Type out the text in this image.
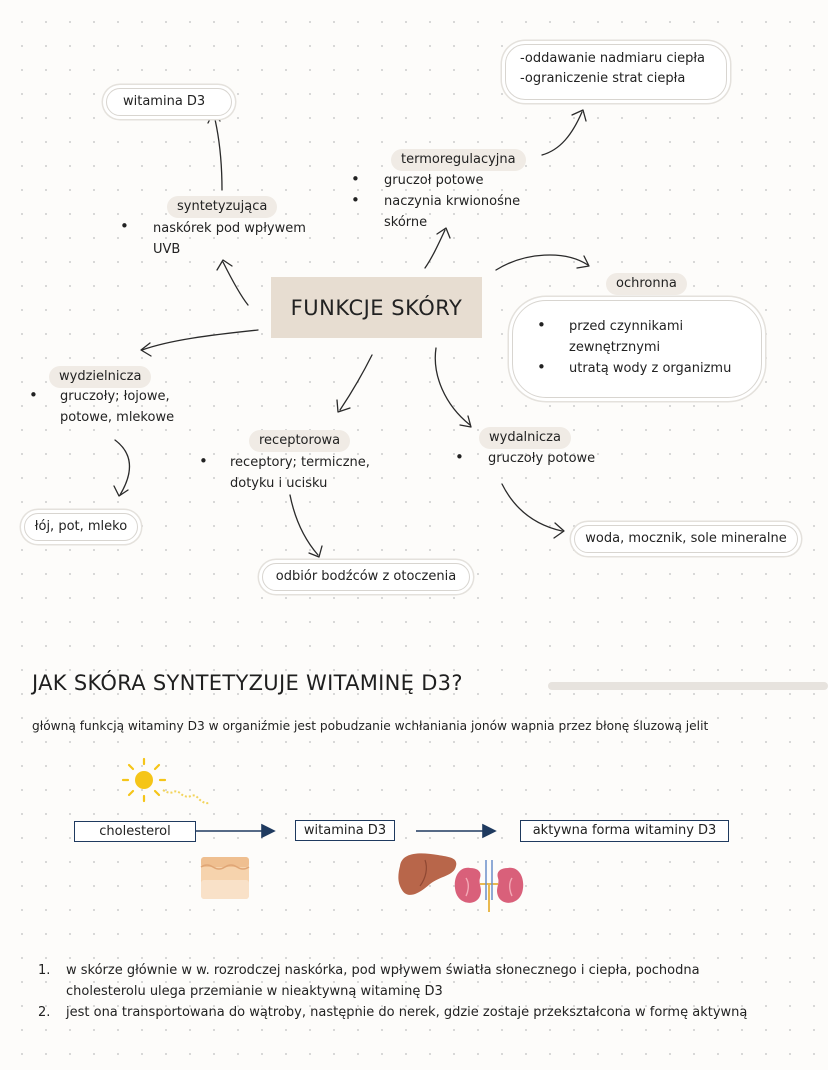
FUNKCJE SKÓRY
witamina D3
syntetyzująca
• naskórek pod wpływem
UVB
-oddawanie nadmiaru ciepła
-ograniczenie strat ciepła
termoregulacyjna
• gruczoł potowe
• naczynia krwionośne
skórne
ochronna
• przed czynnikami
zewnętrznymi
• utratą wody z organizmu
wydzielnicza
• gruczoły; łojowe,
potowe, mlekowe
łój, pot, mleko
receptorowa
• receptory; termiczne,
dotyku i ucisku
odbiór bodźców z otoczenia
wydalnicza
• gruczoły potowe
woda, mocznik, sole mineralne
JAK SKÓRA SYNTETYZUJE WITAMINĘ D3?
główną funkcją witaminy D3 w organiźmie jest pobudzanie wchłaniania jonów wapnia przez błonę śluzową jelit
cholesterol	witamina D3	aktywna forma witaminy D3
1. w skórze głównie w w. rozrodczej naskórka, pod wpływem światła słonecznego i ciepła, pochodna
cholesterolu ulega przemianie w nieaktywną witaminę D3
2. jest ona transportowana do wątroby, następnie do nerek, gdzie zostaje przekształcona w formę aktywną
